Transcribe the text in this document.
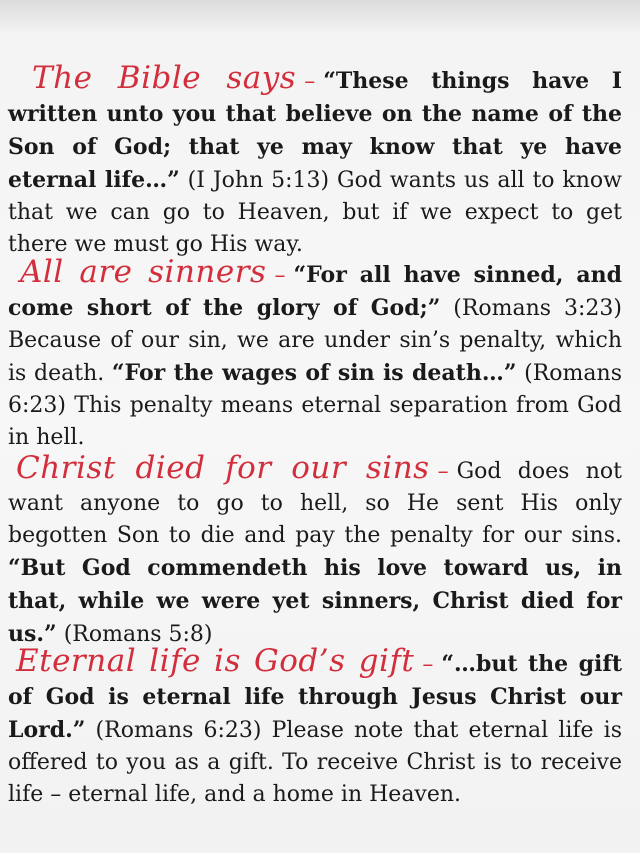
The Bible says – “These things have I written unto you that believe on the name of the Son of God; that ye may know that ye have eternal life…” (I John 5:13) God wants us all to know that we can go to Heaven, but if we expect to get there we must go His way.
All are sinners – “For all have sinned, and come short of the glory of God;” (Romans 3:23) Because of our sin, we are under sin’s penalty, which is death. “For the wages of sin is death…” (Romans 6:23) This penalty means eternal separation from God in hell.
Christ died for our sins – God does not want anyone to go to hell, so He sent His only begotten Son to die and pay the penalty for our sins. “But God commendeth his love toward us, in that, while we were yet sinners, Christ died for us.” (Romans 5:8)
Eternal life is God’s gift – “…but the gift of God is eternal life through Jesus Christ our Lord.” (Romans 6:23) Please note that eternal life is offered to you as a gift. To receive Christ is to receive life – eternal life, and a home in Heaven.
